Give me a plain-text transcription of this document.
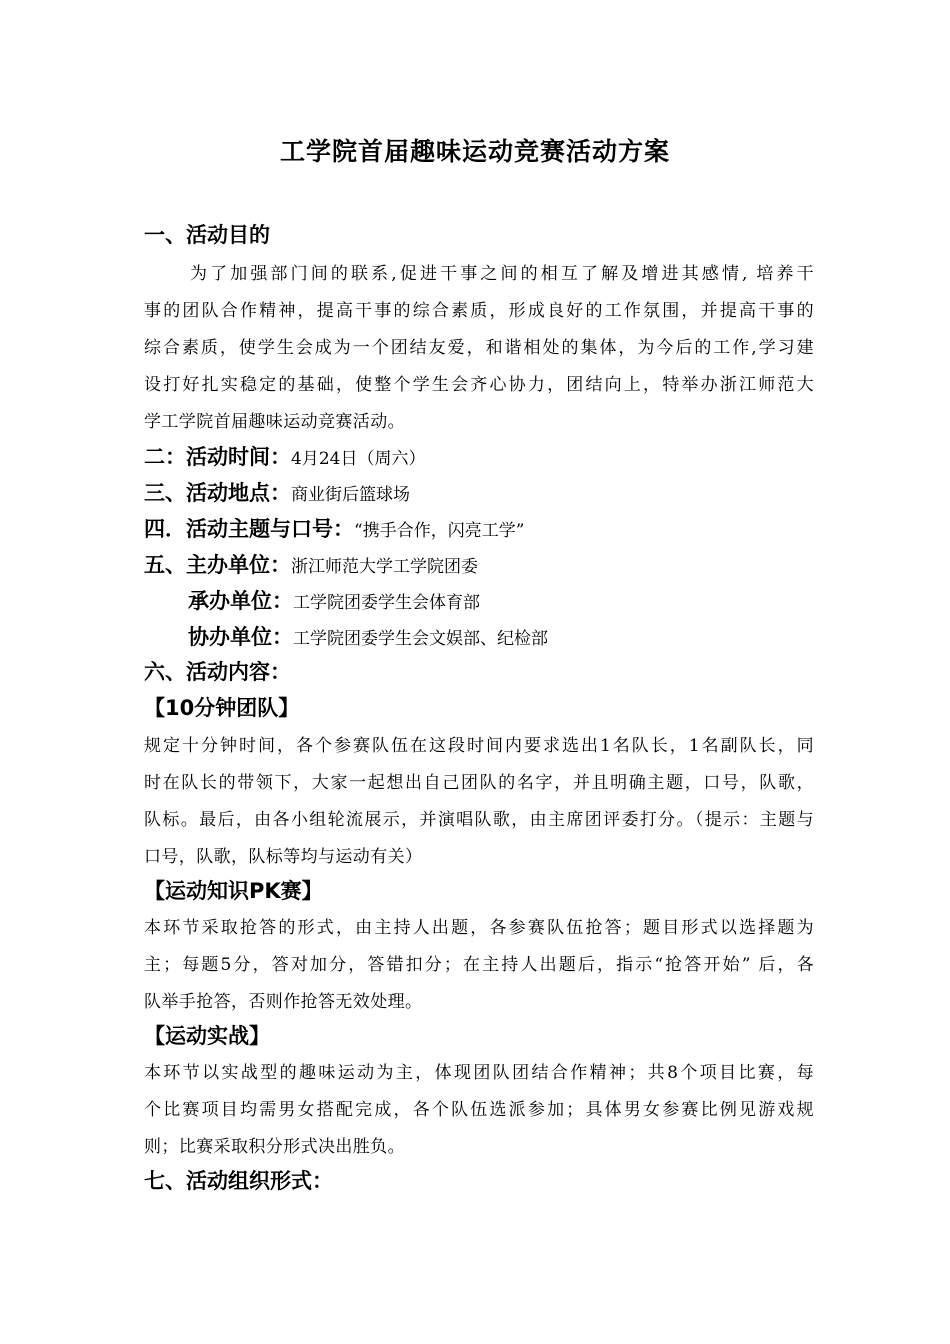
工学院首届趣味运动竞赛活动方案
一、活动目的
为了加强部门间的联系,促进干事之间的相互了解及增进其感情, 培养干
事的团队合作精神，提高干事的综合素质，形成良好的工作氛围，并提高干事的
综合素质，使学生会成为一个团结友爱，和谐相处的集体，为今后的工作,学习建
设打好扎实稳定的基础，使整个学生会齐心协力，团结向上，特举办浙江师范大
学工学院首届趣味运动竞赛活动。
二：活动时间：4月24日（周六）
三、活动地点：商业街后篮球场
四．活动主题与口号：“携手合作，闪亮工学”
五、主办单位：浙江师范大学工学院团委
承办单位：工学院团委学生会体育部
协办单位：工学院团委学生会文娱部、纪检部
六、活动内容：
【10分钟团队】
规定十分钟时间，各个参赛队伍在这段时间内要求选出1名队长，1名副队长，同
时在队长的带领下，大家一起想出自己团队的名字，并且明确主题，口号，队歌，
队标。最后，由各小组轮流展示，并演唱队歌，由主席团评委打分。（提示：主题与
口号，队歌，队标等均与运动有关）
【运动知识PK赛】
本环节采取抢答的形式，由主持人出题，各参赛队伍抢答；题目形式以选择题为
主；每题5分，答对加分，答错扣分；在主持人出题后，指示“抢答开始” 后，各
队举手抢答，否则作抢答无效处理。
【运动实战】
本环节以实战型的趣味运动为主，体现团队团结合作精神；共8个项目比赛，每
个比赛项目均需男女搭配完成，各个队伍选派参加；具体男女参赛比例见游戏规
则；比赛采取积分形式决出胜负。
七、活动组织形式：
